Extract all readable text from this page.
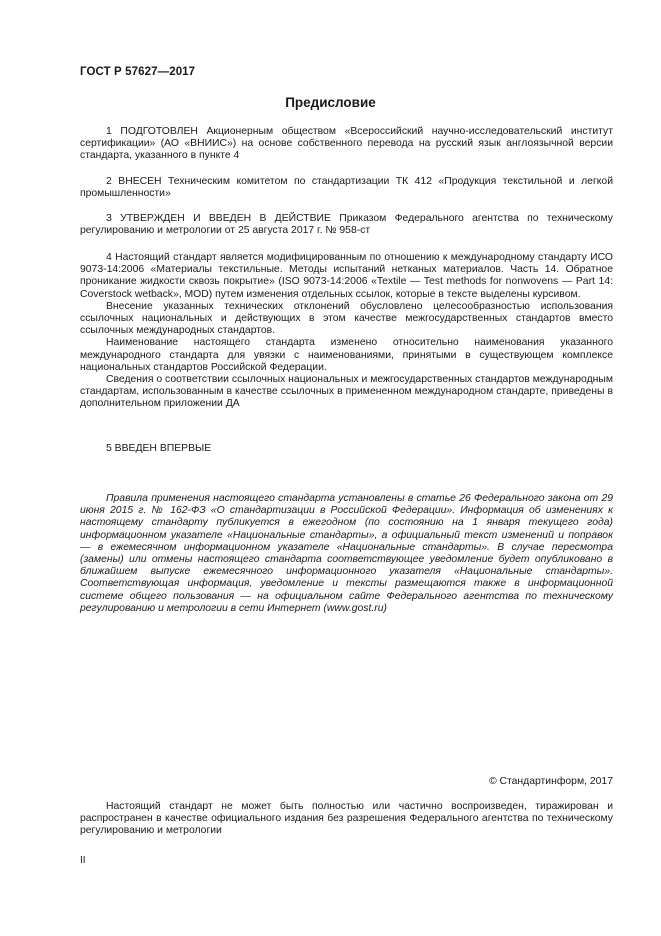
ГОСТ Р 57627—2017
Предисловие

1 ПОДГОТОВЛЕН Акционерным обществом «Всероссийский научно-исследовательский институт сертификации» (АО «ВНИИС») на основе собственного перевода на русский язык англоязычной версии стандарта, указанного в пункте 4

2 ВНЕСЕН Техническим комитетом по стандартизации ТК 412 «Продукция текстильной и легкой промышленности»

3 УТВЕРЖДЕН И ВВЕДЕН В ДЕЙСТВИЕ Приказом Федерального агентства по техническому регулированию и метрологии от 25 августа 2017 г. № 958-ст

4 Настоящий стандарт является модифицированным по отношению к международному стандарту ИСО 9073-14:2006 «Материалы текстильные. Методы испытаний нетканых материалов. Часть 14. Обратное проникание жидкости сквозь покрытие» (ISO 9073-14:2006 «Textile — Test methods for nonwovens — Part 14: Coverstock wetback», MOD) путем изменения отдельных ссылок, которые в тексте выделены курсивом.

Внесение указанных технических отклонений обусловлено целесообразностью использования ссылочных национальных и действующих в этом качестве межгосударственных стандартов вместо ссылочных международных стандартов.

Наименование настоящего стандарта изменено относительно наименования указанного международного стандарта для увязки с наименованиями, принятыми в существующем комплексе национальных стандартов Российской Федерации.

Сведения о соответствии ссылочных национальных и межгосударственных стандартов международным стандартам, использованным в качестве ссылочных в примененном международном стандарте, приведены в дополнительном приложении ДА

5 ВВЕДЕН ВПЕРВЫЕ

Правила применения настоящего стандарта установлены в статье 26 Федерального закона от 29 июня 2015 г. № 162-ФЗ «О стандартизации в Российской Федерации». Информация об изменениях к настоящему стандарту публикуется в ежегодном (по состоянию на 1 января текущего года) информационном указателе «Национальные стандарты», а официальный текст изменений и поправок — в ежемесячном информационном указателе «Национальные стандарты». В случае пересмотра (замены) или отмены настоящего стандарта соответствующее уведомление будет опубликовано в ближайшем выпуске ежемесячного информационного указателя «Национальные стандарты». Соответствующая информация, уведомление и тексты размещаются также в информационной системе общего пользования — на официальном сайте Федерального агентства по техническому регулированию и метрологии в сети Интернет (www.gost.ru)

© Стандартинформ, 2017

Настоящий стандарт не может быть полностью или частично воспроизведен, тиражирован и распространен в качестве официального издания без разрешения Федерального агентства по техническому регулированию и метрологии

II
